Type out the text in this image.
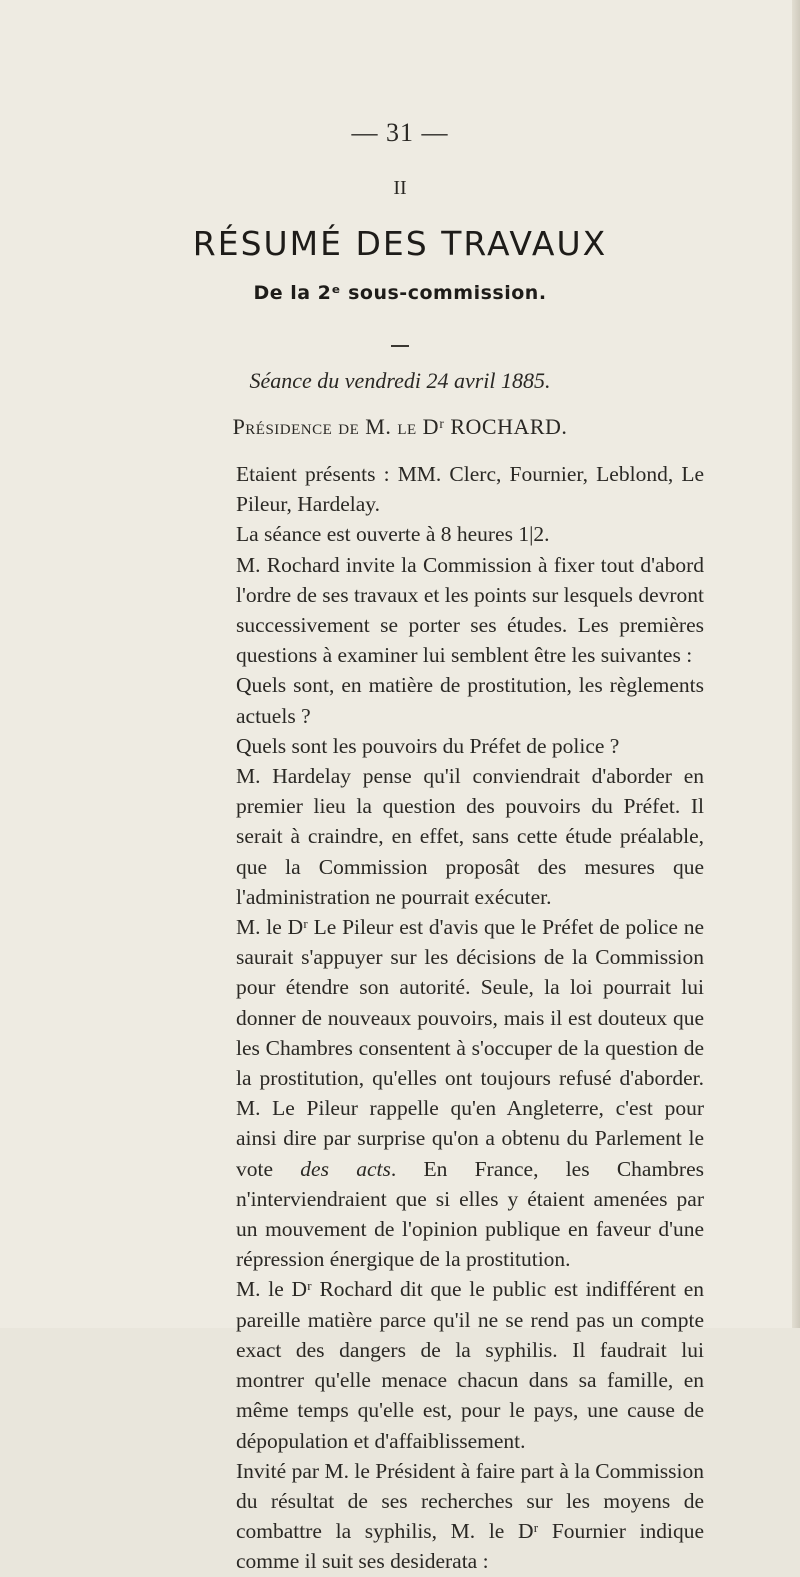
— 31 —
II
RÉSUMÉ DES TRAVAUX
De la 2ᵉ sous-commission.
Séance du vendredi 24 avril 1885.
Présidence de M. le Dʳ ROCHARD.

Etaient présents : MM. Clerc, Fournier, Leblond, Le Pileur, Hardelay.

La séance est ouverte à 8 heures 1|2.

M. Rochard invite la Commission à fixer tout d'abord l'ordre de ses travaux et les points sur lesquels devront successivement se porter ses études. Les premières questions à examiner lui semblent être les suivantes :

Quels sont, en matière de prostitution, les règlements actuels ?

Quels sont les pouvoirs du Préfet de police ?

M. Hardelay pense qu'il conviendrait d'aborder en premier lieu la question des pouvoirs du Préfet. Il serait à craindre, en effet, sans cette étude préalable, que la Commission proposât des mesures que l'administration ne pourrait exécuter.

M. le Dʳ Le Pileur est d'avis que le Préfet de police ne saurait s'appuyer sur les décisions de la Commission pour étendre son autorité. Seule, la loi pourrait lui donner de nouveaux pouvoirs, mais il est douteux que les Chambres consentent à s'occuper de la question de la prostitution, qu'elles ont toujours refusé d'aborder. M. Le Pileur rappelle qu'en Angleterre, c'est pour ainsi dire par surprise qu'on a obtenu du Parlement le vote des acts. En France, les Chambres n'interviendraient que si elles y étaient amenées par un mouvement de l'opinion publique en faveur d'une répression énergique de la prostitution.

M. le Dʳ Rochard dit que le public est indifférent en pareille matière parce qu'il ne se rend pas un compte exact des dangers de la syphilis. Il faudrait lui montrer qu'elle menace chacun dans sa famille, en même temps qu'elle est, pour le pays, une cause de dépopulation et d'affaiblissement.

Invité par M. le Président à faire part à la Commission du résultat de ses recherches sur les moyens de combattre la syphilis, M. le Dʳ Fournier indique comme il suit ses desiderata :
